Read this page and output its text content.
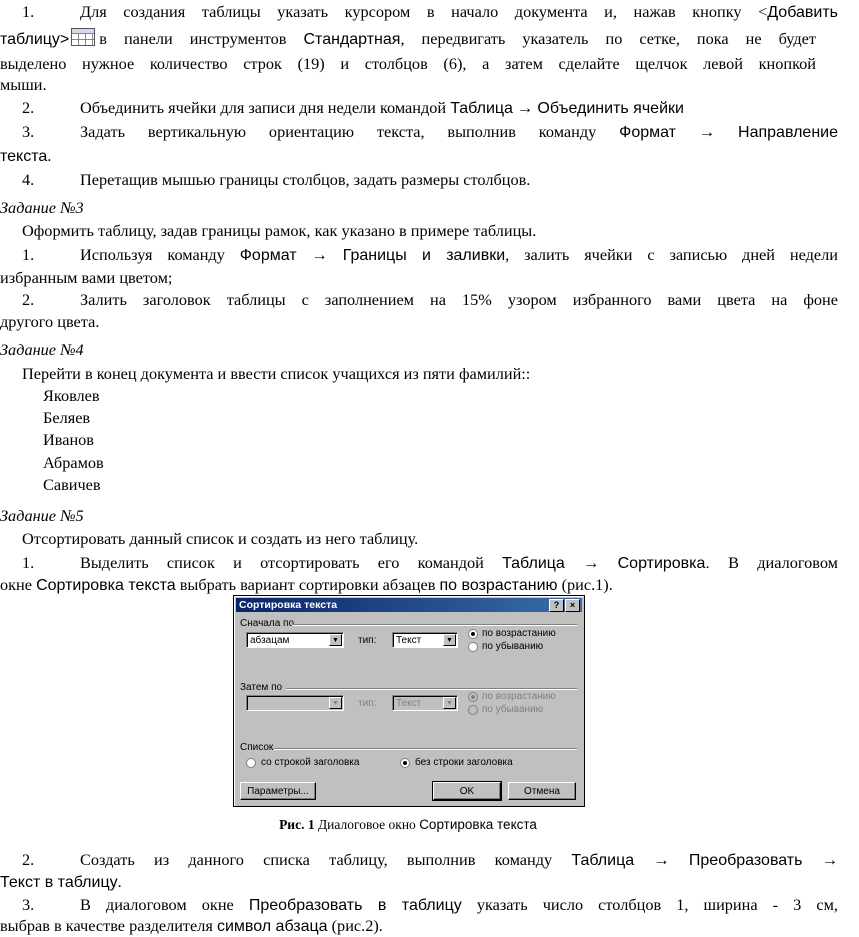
1.	Для создания таблицы указать курсором в начало документа и, нажав кнопку <Добавить
таблицу> в панели инструментов Стандартная, передвигать указатель по сетке, пока не будет
выделено нужное количество строк (19) и столбцов (6), а затем сделайте щелчок левой кнопкой
мыши.
2.	Объединить ячейки для записи дня недели командой Таблица → Объединить ячейки
3.	Задать вертикальную ориентацию текста, выполнив команду Формат → Направление
текста.
4.	Перетащив мышью границы столбцов, задать размеры столбцов.
Задание №3
Оформить таблицу, задав границы рамок, как указано в примере таблицы.
1.	Используя команду Формат → Границы и заливки, залить ячейки с записью дней недели
избранным вами цветом;
2.	Залить заголовок таблицы с заполнением на 15% узором избранного вами цвета на фоне
другого цвета.
Задание №4
Перейти в конец документа и ввести список учащихся из пяти фамилий::
Яковлев
Беляев
Иванов
Абрамов
Савичев
Задание №5
Отсортировать данный список и создать из него таблицу.
1.	Выделить список и отсортировать его командой Таблица → Сортировка. В диалоговом
окне Сортировка текста выбрать вариант сортировки абзацев по возрастанию (рис.1).
Сортировка текста	?	×
Сначала по
абзацам	▼	тип:	Текст	▼
по возрастанию
по убыванию
Затем по
▼	тип:	Текст	▼
по возрастанию
по убыванию
Список
со строкой заголовка	без строки заголовка
Параметры...	OK	Отмена
Рис. 1 Диалоговое окно Сортировка текста
2.	Создать из данного списка таблицу, выполнив команду Таблица → Преобразовать →
Текст в таблицу.
3.	В диалоговом окне Преобразовать в таблицу указать число столбцов 1, ширина - 3 см,
выбрав в качестве разделителя символ абзаца (рис.2).
